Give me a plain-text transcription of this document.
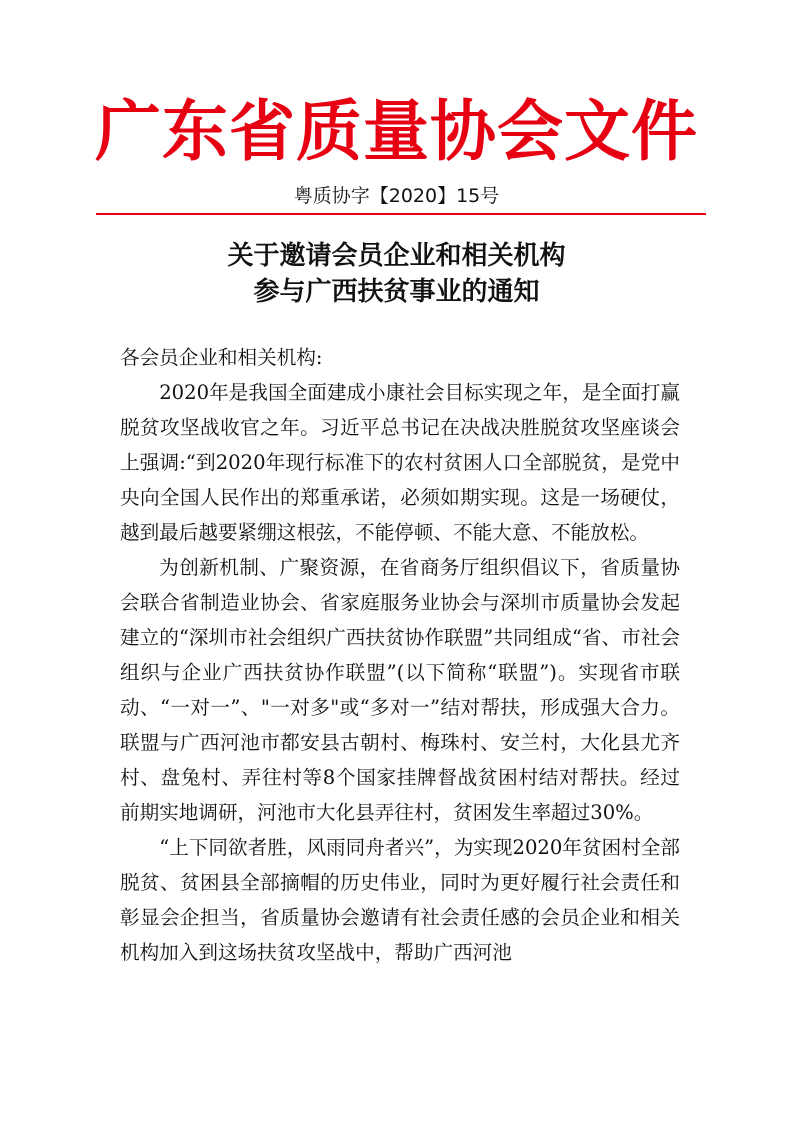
广东省质量协会文件
粤质协字【2020】15号
关于邀请会员企业和相关机构
参与广西扶贫事业的通知

各会员企业和相关机构:

2020年是我国全面建成小康社会目标实现之年，是全面打赢脱贫攻坚战收官之年。习近平总书记在决战决胜脱贫攻坚座谈会上强调:“到2020年现行标准下的农村贫困人口全部脱贫，是党中央向全国人民作出的郑重承诺，必须如期实现。这是一场硬仗，越到最后越要紧绷这根弦，不能停顿、不能大意、不能放松。

为创新机制、广聚资源，在省商务厅组织倡议下，省质量协会联合省制造业协会、省家庭服务业协会与深圳市质量协会发起建立的“深圳市社会组织广西扶贫协作联盟”共同组成“省、市社会组织与企业广西扶贫协作联盟”(以下简称“联盟”)。实现省市联动、“一对一”、"一对多"或“多对一”结对帮扶，形成强大合力。联盟与广西河池市都安县古朝村、梅珠村、安兰村，大化县尤齐村、盘兔村、弄往村等8个国家挂牌督战贫困村结对帮扶。经过前期实地调研，河池市大化县弄往村，贫困发生率超过30%。

“上下同欲者胜，风雨同舟者兴”，为实现2020年贫困村全部脱贫、贫困县全部摘帽的历史伟业，同时为更好履行社会责任和彰显会企担当，省质量协会邀请有社会责任感的会员企业和相关机构加入到这场扶贫攻坚战中，帮助广西河池
